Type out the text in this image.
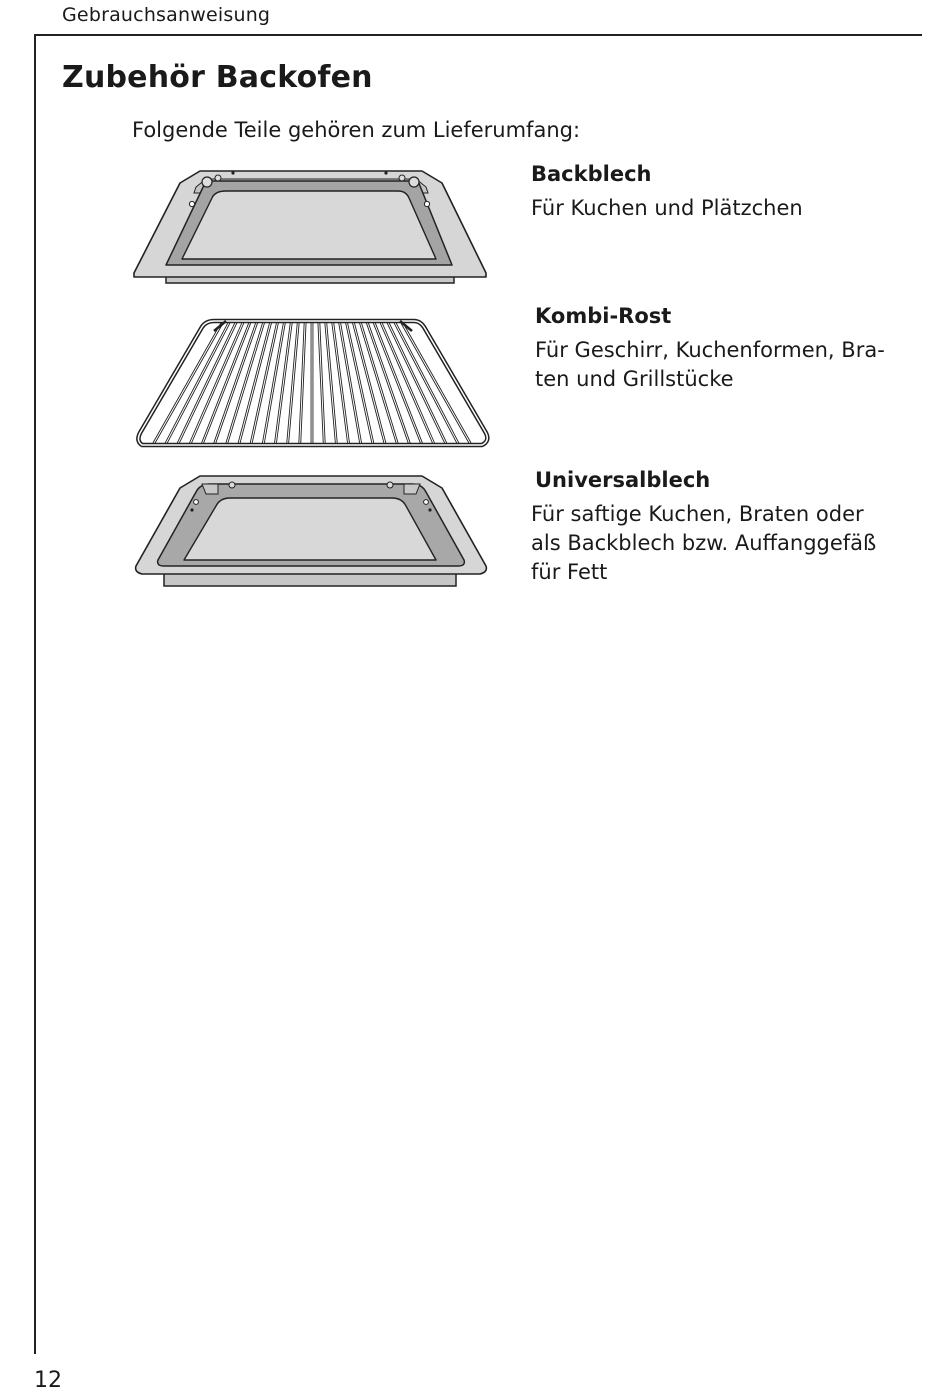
Gebrauchsanweisung
Zubehör Backofen

Folgende Teile gehören zum Lieferumfang:

Backblech
Für Kuchen und Plätzchen
Kombi-Rost
Für Geschirr, Kuchenformen, Bra-
ten und Grillstücke
Universalblech
Für saftige Kuchen, Braten oder
als Backblech bzw. Auffanggefäß
für Fett
12
